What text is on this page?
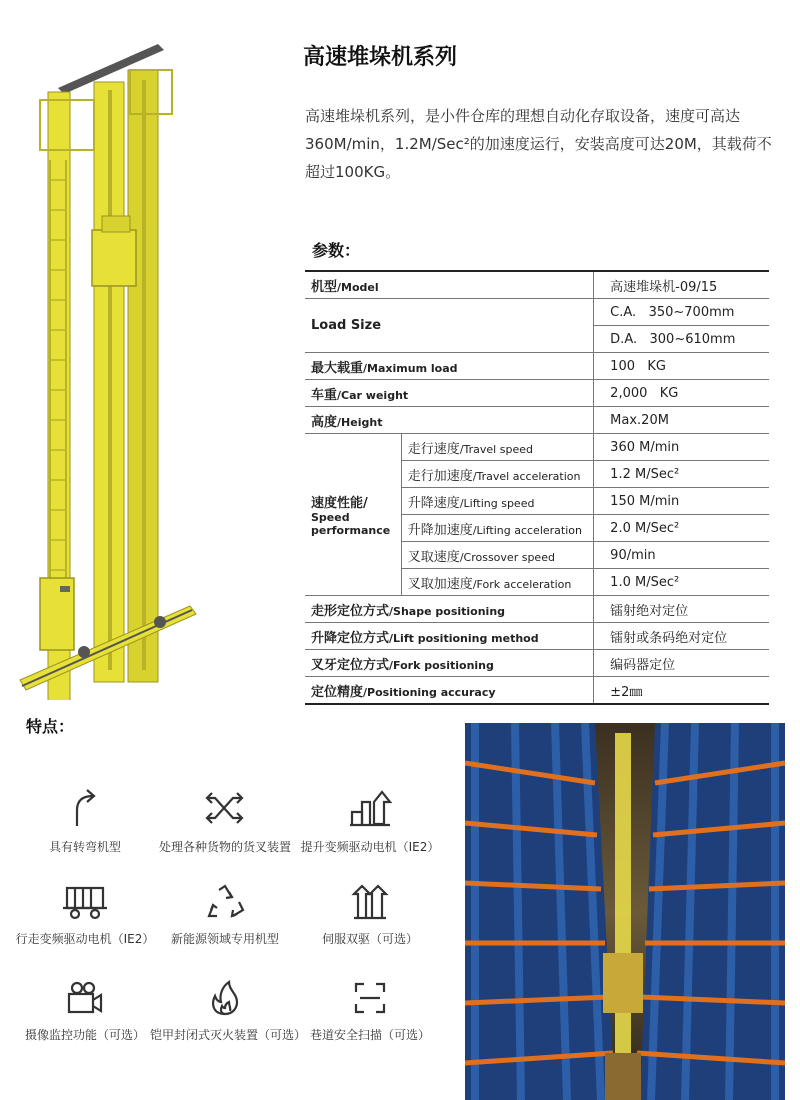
高速堆垛机系列

高速堆垛机系列，是小件仓库的理想自动化存取设备，速度可高达360M/min，1.2M/Sec²的加速度运行，安装高度可达20M，其载荷不超过100KG。

参数：
机型/Model		高速堆垛机-09/15
Load Size		C.A.   350~700mm
		D.A.   300~610mm
最大载重/Maximum load		100   KG
车重/Car weight		2,000   KG
高度/Height		Max.20M

速度性能/
Speed
performance	走行速度/Travel speed	360 M/min
	走行加速度/Travel acceleration	1.2 M/Sec²
	升降速度/Lifting speed	150 M/min
	升降加速度/Lifting acceleration	2.0 M/Sec²
	叉取速度/Crossover speed	90/min
	叉取加速度/Fork acceleration	1.0 M/Sec²
走形定位方式/Shape positioning		镭射绝对定位
升降定位方式/Lift positioning method		镭射或条码绝对定位
叉牙定位方式/Fork positioning		编码器定位
定位精度/Positioning accuracy		±2㎜
特点：
具有转弯机型	处理各种货物的货叉装置 提升变频驱动电机（IE2）
行走变频驱动电机（IE2）	新能源领域专用机型	伺服双驱（可选）
摄像监控功能（可选） 铠甲封闭式灭火装置（可选） 巷道安全扫描（可选）
